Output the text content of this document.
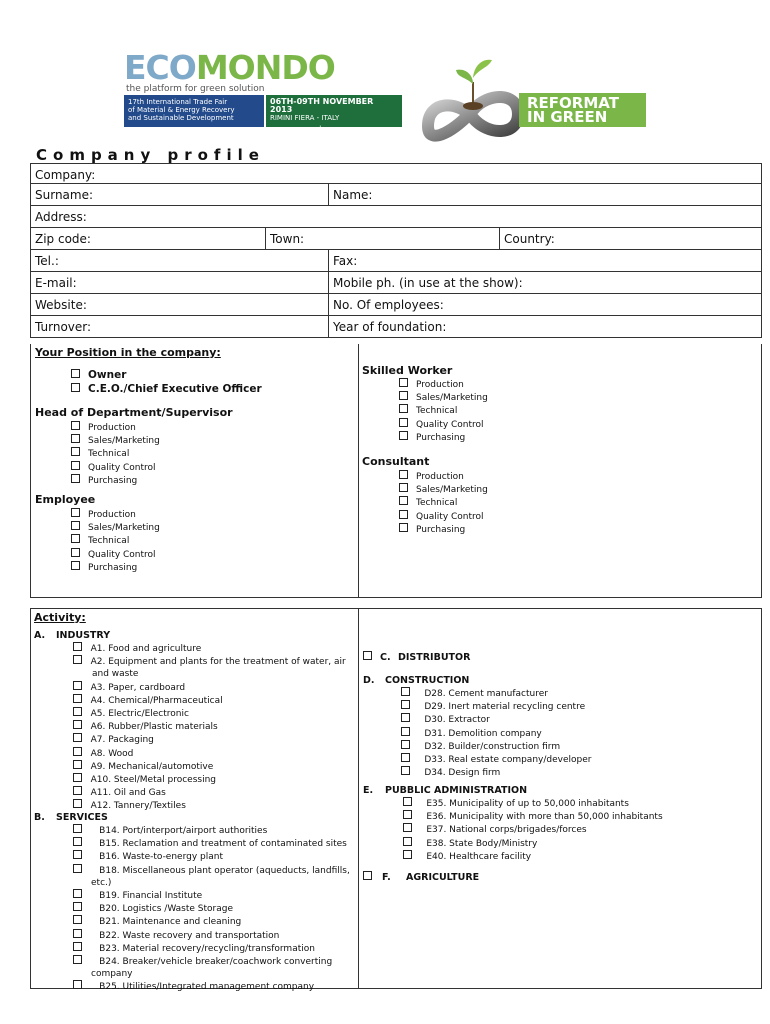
ECOMONDO
the platform for green solution
17th International Trade Fair
of Material & Energy Recovery
and Sustainable Development
06TH-09TH NOVEMBER 2013
RIMINI FIERA - ITALY
www.ecomondo.com
REFORMAT
IN GREEN
Company profile
Company:
Surname:	Name:
Address:
Zip code:	Town:	Country:
Tel.:	Fax:
E-mail:	Mobile ph. (in use at the show):
Website:	No. Of employees:
Turnover:	Year of foundation:
Your Position in the company:
Owner
C.E.O./Chief Executive Officer
Head of Department/Supervisor
Production
Sales/Marketing
Technical
Quality Control
Purchasing
Employee
Production
Sales/Marketing
Technical
Quality Control
Purchasing
Skilled Worker
Production
Sales/Marketing
Technical
Quality Control
Purchasing
Consultant
Production
Sales/Marketing
Technical
Quality Control
Purchasing
Activity:
A. INDUSTRY
A1. Food and agriculture
A2. Equipment and plants for the treatment of water, air
and waste
A3. Paper, cardboard
A4. Chemical/Pharmaceutical
A5. Electric/Electronic
A6. Rubber/Plastic materials
A7. Packaging
A8. Wood
A9. Mechanical/automotive
A10. Steel/Metal processing
A11. Oil and Gas
A12. Tannery/Textiles
B. SERVICES
B14. Port/interport/airport authorities
B15. Reclamation and treatment of contaminated sites
B16. Waste-to-energy plant
B18. Miscellaneous plant operator (aqueducts, landfills,
etc.)
B19. Financial Institute
B20. Logistics /Waste Storage
B21. Maintenance and cleaning
B22. Waste recovery and transportation
B23. Material recovery/recycling/transformation
B24. Breaker/vehicle breaker/coachwork converting
company
B25. Utilities/Integrated management company
C. DISTRIBUTOR
D. CONSTRUCTION
D28. Cement manufacturer
D29. Inert material recycling centre
D30. Extractor
D31. Demolition company
D32. Builder/construction firm
D33. Real estate company/developer
D34. Design firm
E. PUBBLIC ADMINISTRATION
E35. Municipality of up to 50,000 inhabitants
E36. Municipality with more than 50,000 inhabitants
E37. National corps/brigades/forces
E38. State Body/Ministry
E40. Healthcare facility
F. AGRICULTURE
